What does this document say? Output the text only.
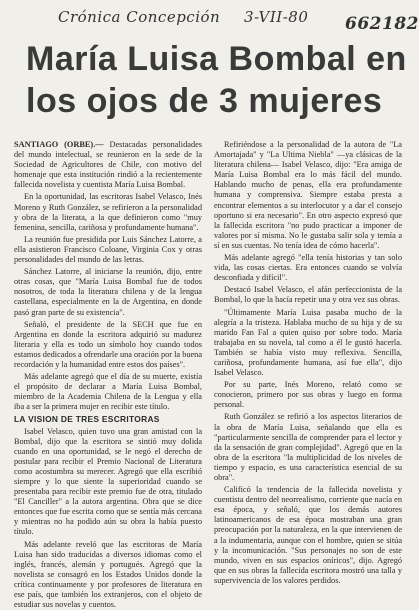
Crónica Concepción 3-VII-80 662182
María Luisa Bombal en
los ojos de 3 mujeres

SANTIAGO (ORBE).— Destacadas personalidades del mundo intelectual, se reunieron en la sede de la Sociedad de Agricultores de Chile, con motivo del homenaje que esta institución rindió a la recientemente fallecida novelista y cuentista María Luisa Bombal.

En la oportunidad, las escritoras Isabel Velasco, Inés Moreno y Ruth González, se refirieron a la personalidad y obra de la literata, a la que definieron como "muy femenina, sencilla, cariñosa y profundamente humana".

La reunión fue presidida por Luis Sánchez Latorre, a ella asistieron Francisco Coloane, Virginia Cox y otras personalidades del mundo de las letras.

Sánchez Latorre, al iniciarse la reunión, dijo, entre otras cosas, que "María Luisa Bombal fue de todos nosotros, de toda la literatura chilena y de la lengua castellana, especialmente en la de Argentina, en donde pasó gran parte de su existencia".

Señaló, el presidente de la SECH que fue en Argentina en donde la escritora adquirió su madurez literaria y ella es todo un símbolo hoy cuando todos estamos dedicados a ofrendarle una oración por la buena recordación y la humanidad entre estos dos países".

Más adelante agregó que el día de su muerte, existía el propósito de declarar a María Luisa Bombal, miembro de la Academia Chilena de la Lengua y ella iba a ser la primera mujer en recibir este título.

LA VISION DE TRES ESCRITORAS

Isabel Velasco, quien tuvo una gran amistad con la Bombal, dijo que la escritora se sintió muy dolida cuando en una oportunidad, se le negó el derecho de postular para recibir el Premio Nacional de Literatura como acostumbra su merecer. Agregó que ella escribió siempre y lo que siente la superioridad cuando se presentaba para recibir este premio fue de otra, titulado "El Canciller" a la autora argentina. Obra que se dice entonces que fue escrita como que se sentía más cercana y mientras no ha podido aún su obra la había puesto título.

Más adelante reveló que las escritoras de María Luisa han sido traducidas a diversos idiomas como el inglés, francés, alemán y portugués. Agregó que la novelista se consagró en los Estados Unidos donde la crítica continuamente y por profesores de literatura en ese país, que también los extranjeros, con el objeto de estudiar sus novelas y cuentos.

Refiriéndose a la personalidad de la autora de "La Amortajada" y "La Ultima Niebla" —ya clásicas de la literatura chilena— Isabel Velasco, dijo: "Era amiga de María Luisa Bombal era lo más fácil del mundo. Hablando mucho de penas, ella era profundamente humana y comprensiva. Siempre estaba presta a encontrar elementos a su interlocutor y a dar el consejo oportuno si era necesario". En otro aspecto expresó que la fallecida escritora "no pudo practicar a imponer de valores por sí misma. No le gustaba salir sola y temía a sí en sus cuentas. No tenía idea de cómo hacerla".

Más adelante agregó "ella tenía historias y tan solo vida, las cosas ciertas. Era entonces cuando se volvía desconfiada y difícil".

Destacó Isabel Velasco, el afán perfeccionista de la Bombal, lo que la hacía repetir una y otra vez sus obras.

"Últimamente María Luisa pasaba mucho de la alegría a la tristeza. Hablaba mucho de su hija y de su marido Fan Fal a quien quiso por sobre todo. María trabajaba en su novela, tal como a él le gustó hacerla. También se había visto muy reflexiva. Sencilla, cariñosa, profundamente humana, así fue ella", dijo Isabel Velasco.

Por su parte, Inés Moreno, relató como se conocieron, primero por sus obras y luego en forma personal.

Ruth González se refirió a los aspectos literarios de la obra de María Luisa, señalando que ella es "particularmente sencilla de comprender para el lector y da la sensación de gran complejidad". Agregó que en la obra de la escritora "la multiplicidad de los niveles de tiempo y espacio, es una característica esencial de su obra".

Calificó la tendencia de la fallecida novelista y cuentista dentro del neorrealismo, corriente que nacía en esa época, y señaló, que los demás autores latinoamericanos de esa época mostraban una gran preocupación por la naturaleza, en la que intervienen de a la indumentaria, aunque con el hombre, quien se sitúa y la incomunicación. "Sus personajes no son de este mundo, viven en sus espacios oníricos", dijo. Agregó que en sus obras la fallecida escritora mostró una talla y supervivencia de los valores perdidos.
